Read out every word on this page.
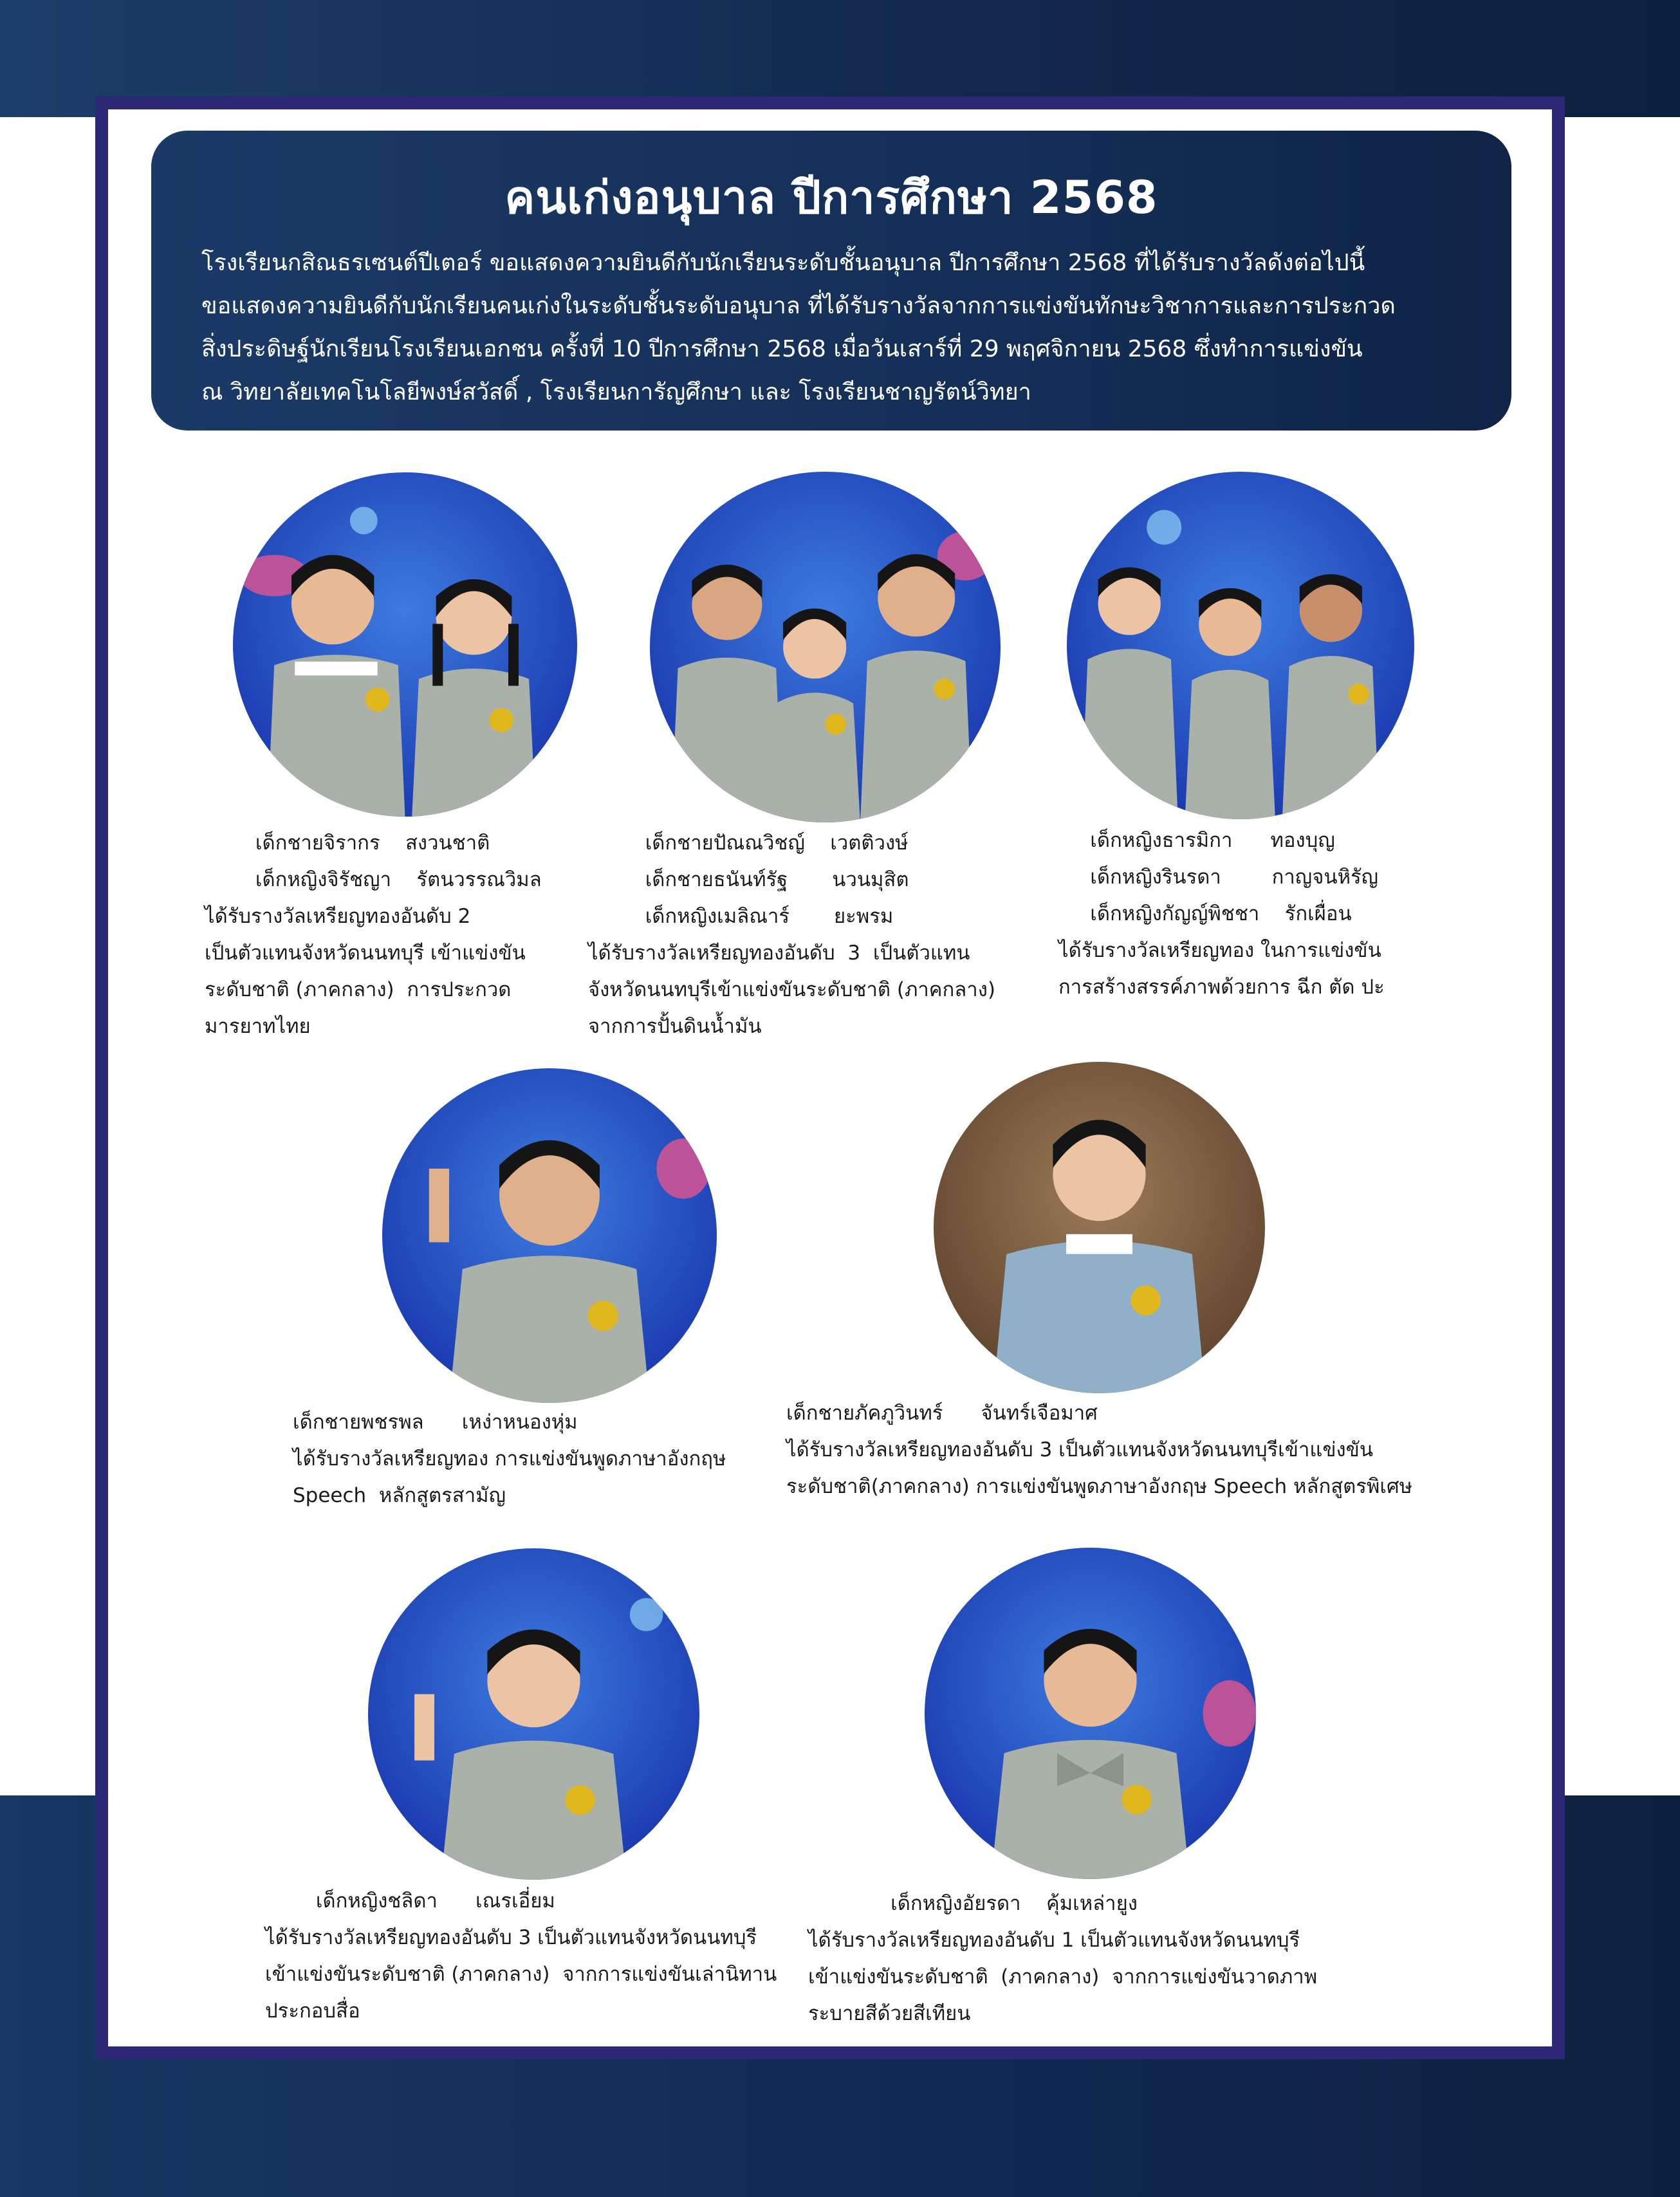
คนเก่งอนุบาล ปีการศึกษา 2568
โรงเรียนกสิณธรเซนต์ปีเตอร์ ขอแสดงความยินดีกับนักเรียนระดับชั้นอนุบาล ปีการศึกษา 2568 ที่ได้รับรางวัลดังต่อไปนี้
ขอแสดงความยินดีกับนักเรียนคนเก่งในระดับชั้นระดับอนุบาล ที่ได้รับรางวัลจากการแข่งขันทักษะวิชาการและการประกวด
สิ่งประดิษฐ์นักเรียนโรงเรียนเอกชน ครั้งที่ 10 ปีการศึกษา 2568 เมื่อวันเสาร์ที่ 29 พฤศจิกายน 2568 ซึ่งทำการแข่งขัน
ณ วิทยาลัยเทคโนโลยีพงษ์สวัสดิ์ , โรงเรียนการัญศึกษา และ โรงเรียนชาญรัตน์วิทยา
เด็กชายจิรากร    สงวนชาติ
เด็กหญิงจิรัชญา    รัตนวรรณวิมล
ได้รับรางวัลเหรียญทองอันดับ 2
เป็นตัวแทนจังหวัดนนทบุรี เข้าแข่งขัน
ระดับชาติ (ภาคกลาง)  การประกวด
มารยาทไทย
เด็กชายปัณณวิชญ์    เวตติวงษ์
เด็กชายธนันท์รัฐ       นวนมุสิต
เด็กหญิงเมลิณาร์       ยะพรม
ได้รับรางวัลเหรียญทองอันดับ  3  เป็นตัวแทน
จังหวัดนนทบุรีเข้าแข่งขันระดับชาติ (ภาคกลาง)
จากการปั้นดินน้ำมัน
เด็กหญิงธารมิกา      ทองบุญ
เด็กหญิงรินรดา        กาญจนหิรัญ
เด็กหญิงกัญญ์พิชชา    รักเผื่อน
ได้รับรางวัลเหรียญทอง ในการแข่งขัน
การสร้างสรรค์ภาพด้วยการ ฉีก ตัด ปะ
เด็กชายพชรพล      เหง่าหนองหุ่ม
ได้รับรางวัลเหรียญทอง การแข่งขันพูดภาษาอังกฤษ
Speech  หลักสูตรสามัญ
เด็กชายภัคภูวินทร์      จันทร์เจือมาศ
ได้รับรางวัลเหรียญทองอันดับ 3 เป็นตัวแทนจังหวัดนนทบุรีเข้าแข่งขัน
ระดับชาติ(ภาคกลาง) การแข่งขันพูดภาษาอังกฤษ Speech หลักสูตรพิเศษ
เด็กหญิงชลิดา      เณรเอี่ยม
ได้รับรางวัลเหรียญทองอันดับ 3 เป็นตัวแทนจังหวัดนนทบุรี
เข้าแข่งขันระดับชาติ (ภาคกลาง)  จากการแข่งขันเล่านิทาน
ประกอบสื่อ
เด็กหญิงอัยรดา    คุ้มเหล่ายูง
ได้รับรางวัลเหรียญทองอันดับ 1 เป็นตัวแทนจังหวัดนนทบุรี
เข้าแข่งขันระดับชาติ  (ภาคกลาง)  จากการแข่งขันวาดภาพ
ระบายสีด้วยสีเทียน
